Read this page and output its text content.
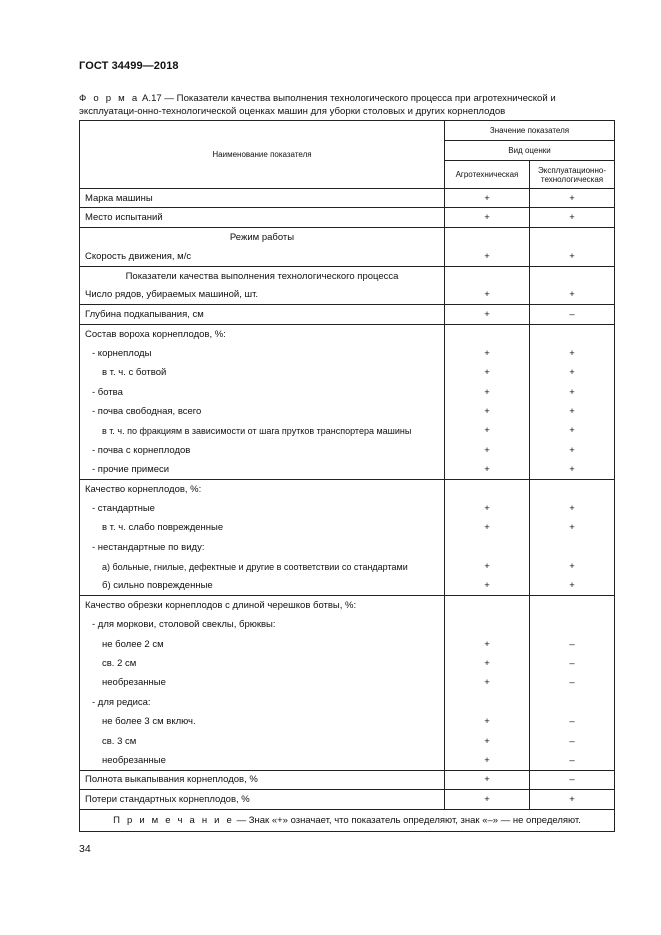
ГОСТ 34499—2018
Ф о р м а А.17 — Показатели качества выполнения технологического процесса при агротехнической и эксплуатаци-онно-технологической оценках машин для уборки столовых и других корнеплодов
Наименование показателя	Значение показателя	
	Вид оценки	
	Агротехническая	Эксплуатационно-технологическая
Марка машины	+	+
Место испытаний	+	+
Режим работы		
Скорость движения, м/с	+	+
Показатели качества выполнения технологического процесса		
Число рядов, убираемых машиной, шт.	+	+
Глубина подкапывания, см	+	–
Состав вороха корнеплодов, %:		
- корнеплоды	+	+
в т. ч. с ботвой	+	+
- ботва	+	+
- почва свободная, всего	+	+
в т. ч. по фракциям в зависимости от шага прутков транспортера машины	+	+
- почва с корнеплодов	+	+
- прочие примеси	+	+
Качество корнеплодов, %:		
- стандартные	+	+
в т. ч. слабо поврежденные	+	+
- нестандартные по виду:		
а) больные, гнилые, дефектные и другие в соответствии со стандартами	+	+
б) сильно поврежденные	+	+
Качество обрезки корнеплодов с длиной черешков ботвы, %:		
- для моркови, столовой свеклы, брюквы:		
не более 2 см	+	–
св. 2 см	+	–
необрезанные	+	–
- для редиса:		
не более 3 см включ.	+	–
св. 3 см	+	–
необрезанные	+	–
Полнота выкапывания корнеплодов, %	+	–
Потери стандартных корнеплодов, %	+	+
П р и м е ч а н и е — Знак «+» означает, что показатель определяют, знак «–» — не определяют.		
34
